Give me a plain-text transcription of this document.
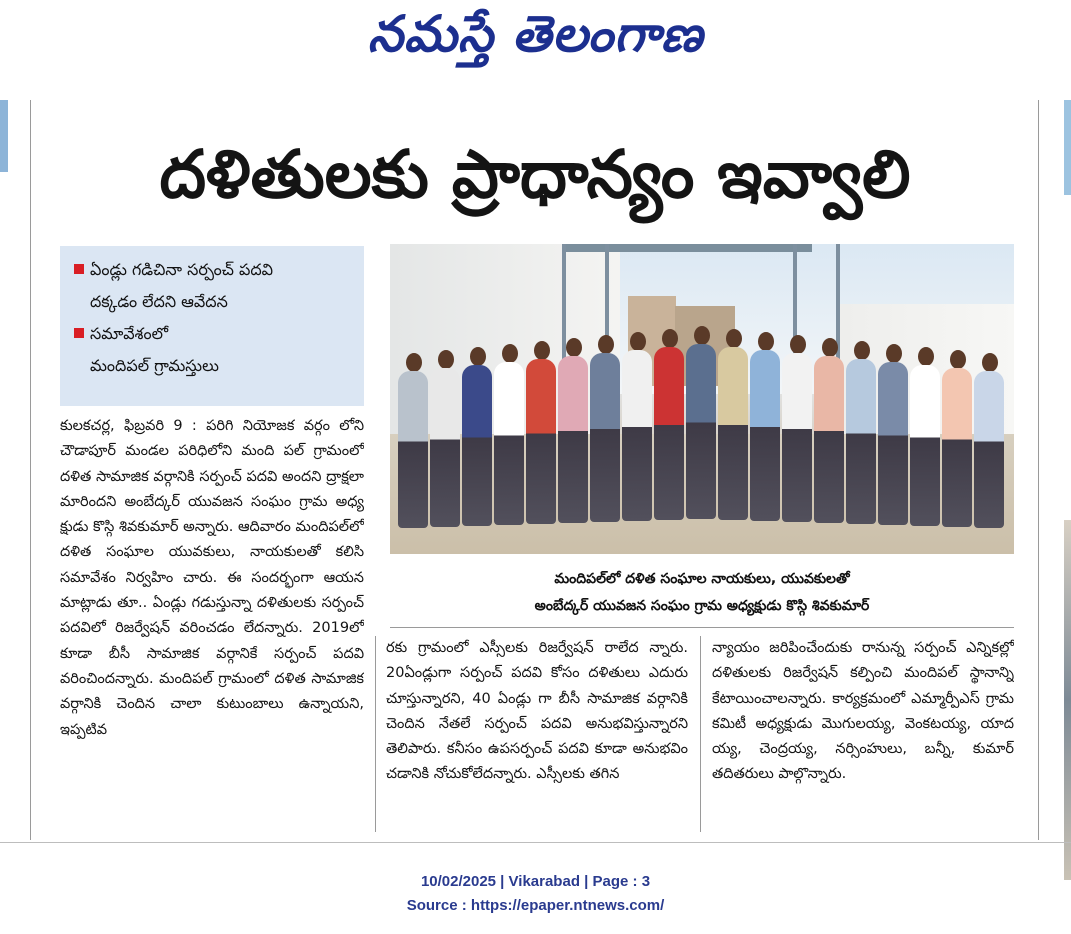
నమస్తే తెలంగాణ
దళితులకు ప్రాధాన్యం ఇవ్వాలి
ఏండ్లు గడిచినా సర్పంచ్ పదవి
దక్కడం లేదని ఆవేదన
సమావేశంలో
మందిపల్ గ్రామస్తులు
మందిపల్‌లో దళిత సంఘాల నాయకులు, యువకులతో
అంబేద్కర్ యువజన సంఘం గ్రామ అధ్యక్షుడు కొస్గి శివకుమార్
కులకచర్ల, ఫిబ్రవరి 9 : పరిగి నియోజక వర్గం లోని చౌడాపూర్ మండల పరిధిలోని మంది పల్ గ్రామంలో దళిత సామాజిక వర్గానికి సర్పంచ్ పదవి అందని ద్రాక్షలా మారిందని అంబేద్కర్ యువజన సంఘం గ్రామ అధ్య క్షుడు కొస్గి శివకుమార్ అన్నారు. ఆదివారం మందిపల్‌లో దళిత సంఘాల యువకులు, నాయకులతో కలిసి సమావేశం నిర్వహిం చారు. ఈ సందర్భంగా ఆయన మాట్లాడు తూ.. ఏండ్లు గడుస్తున్నా దళితులకు సర్పంచ్ పదవిలో రిజర్వేషన్ వరించడం లేదన్నారు. 2019లో కూడా బీసీ సామాజిక వర్గానికే సర్పంచ్ పదవి వరించిందన్నారు. మందిపల్ గ్రామంలో దళిత సామాజిక వర్గానికి చెందిన చాలా కుటుంబాలు ఉన్నాయని, ఇప్పటివ
రకు గ్రామంలో ఎస్సీలకు రిజర్వేషన్ రాలేద న్నారు. 20ఏండ్లుగా సర్పంచ్ పదవి కోసం దళితులు ఎదురు చూస్తున్నారని, 40 ఏండ్లు గా బీసీ సామాజిక వర్గానికి చెందిన నేతలే సర్పంచ్ పదవి అనుభవిస్తున్నారని తెలిపారు. కనీసం ఉపసర్పంచ్ పదవి కూడా అనుభవిం చడానికి నోచుకోలేదన్నారు. ఎస్సీలకు తగిన
న్యాయం జరిపించేందుకు రానున్న సర్పంచ్ ఎన్నికల్లో దళితులకు రిజర్వేషన్ కల్పించి మందిపల్ స్థానాన్ని కేటాయించాలన్నారు. కార్యక్రమంలో ఎమ్మార్పీఎస్ గ్రామ కమిటీ అధ్యక్షుడు మొగులయ్య, వెంకటయ్య, యాద య్య, చెంద్రయ్య, నర్సింహులు, బన్నీ, కుమార్ తదితరులు పాల్గొన్నారు.
10/02/2025 | Vikarabad | Page : 3
Source : https://epaper.ntnews.com/
